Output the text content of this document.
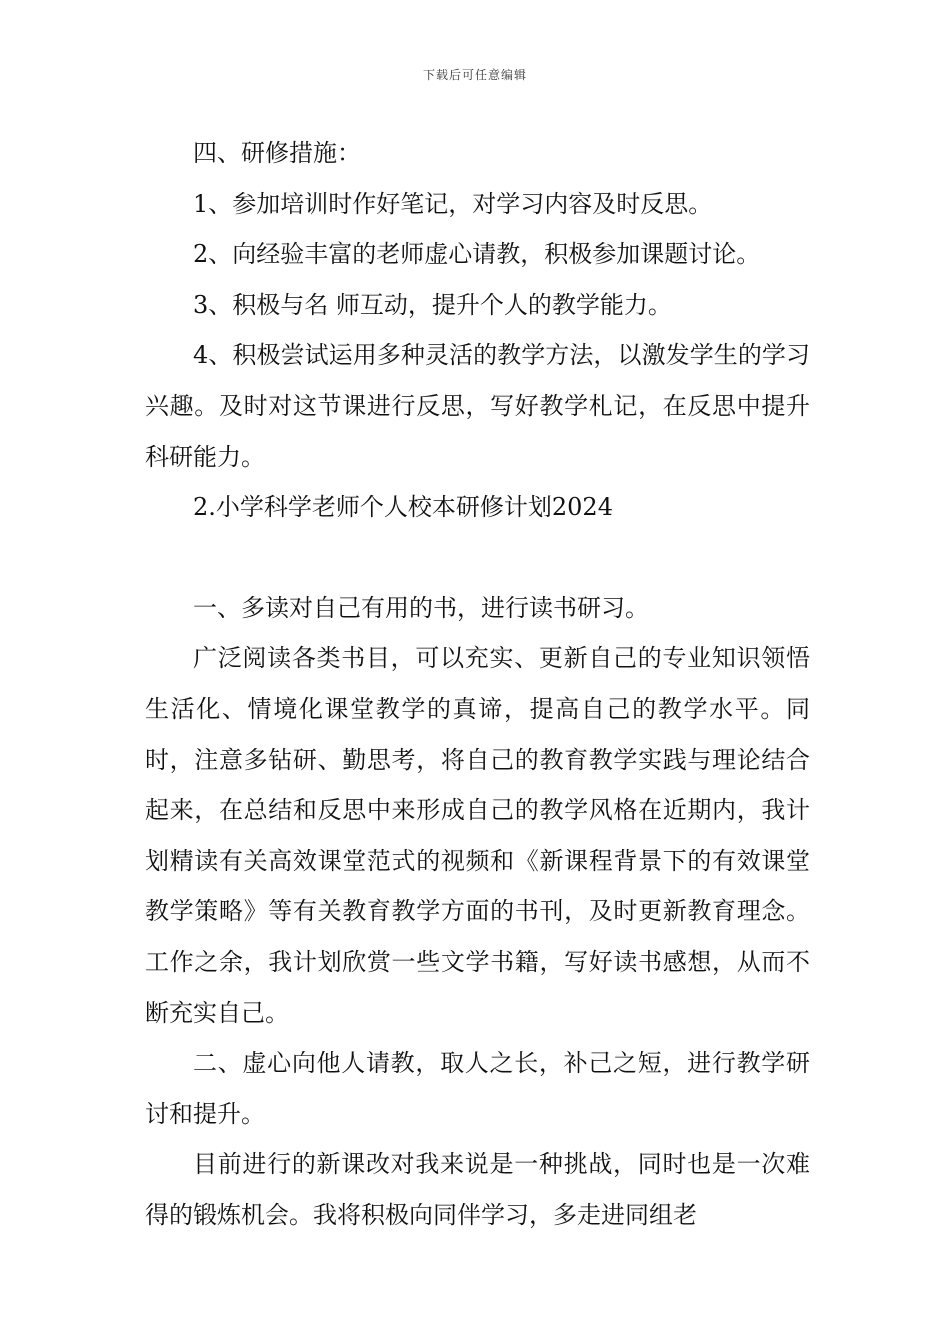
下载后可任意编辑

四、研修措施：

1、参加培训时作好笔记，对学习内容及时反思。

2、向经验丰富的老师虚心请教，积极参加课题讨论。

3、积极与名 师互动，提升个人的教学能力。

4、积极尝试运用多种灵活的教学方法，以激发学生的学习兴趣。及时对这节课进行反思，写好教学札记，在反思中提升科研能力。

2.小学科学老师个人校本研修计划2024

一、多读对自己有用的书，进行读书研习。

广泛阅读各类书目，可以充实、更新自己的专业知识领悟生活化、情境化课堂教学的真谛，提高自己的教学水平。同时，注意多钻研、勤思考，将自己的教育教学实践与理论结合起来，在总结和反思中来形成自己的教学风格在近期内，我计划精读有关高效课堂范式的视频和《新课程背景下的有效课堂教学策略》等有关教育教学方面的书刊，及时更新教育理念。工作之余，我计划欣赏一些文学书籍，写好读书感想，从而不断充实自己。

二、虚心向他人请教，取人之长，补己之短，进行教学研讨和提升。

目前进行的新课改对我来说是一种挑战，同时也是一次难得的锻炼机会。我将积极向同伴学习，多走进同组老
